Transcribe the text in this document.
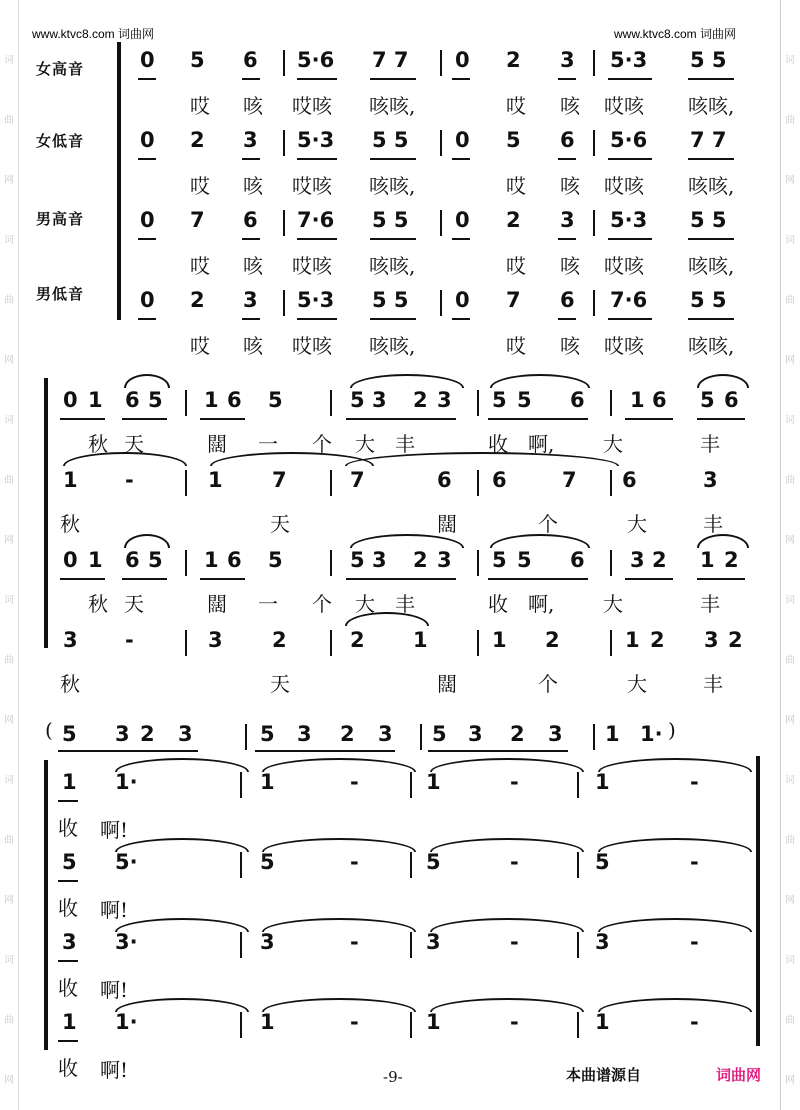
www.ktvc8.com 词曲网	www.ktvc8.com 词曲网
词
曲
网
词
曲
网
词
曲
网
词
曲
网
词
曲
网
词
曲
网
词
曲
网
词
曲
网
词
曲
网
词
曲
网
词
曲
网
词
曲
网
女高音
女低音
男高音
男低音
0 5 6 5·6 7 7 0 2 3 5·3 5 5
哎 咳 哎咳 咳咳,	哎 咳 哎咳 咳咳,
0 2 3 5·3 5 5 0 5 6 5·6 7 7
哎 咳 哎咳 咳咳,	哎 咳 哎咳 咳咳,
0 7 6 7·6 5 5 0 2 3 5·3 5 5
哎 咳 哎咳 咳咳,	哎 咳 哎咳 咳咳,
0 2 3 5·3 5 5 0 7 6 7·6 5 5
哎 咳 哎咳 咳咳,	哎 咳 哎咳 咳咳,
0 1 6 5 1 6 5	5 3 2 3 5 5 6 1 6 5 6
秋 天	闊 一 个 大 丰	收 啊, 大	丰
1 -	1 7	7	6 6	7 6	3
秋	天	闊	个	大	丰
0 1 6 5 1 6 5	5 3 2 3 5 5 6 3 2 1 2
秋 天	闊 一 个 大 丰	收 啊, 大	丰
3 -	3 2	2 1	1 2	1 2 3 2
秋	天	闊	个	大	丰
5 3 2 3	5 3 2 3 5 3 2 3 1 1·
(	)
1 1·	1	-	1	-	1	-
收 啊!
5 5·	5	-	5	-	5	-
收 啊!
3 3·	3	-	3	-	3	-
收 啊!
1 1·	1	-	1	-	1	-
收 啊!	-9-	本曲谱源自	词曲网
